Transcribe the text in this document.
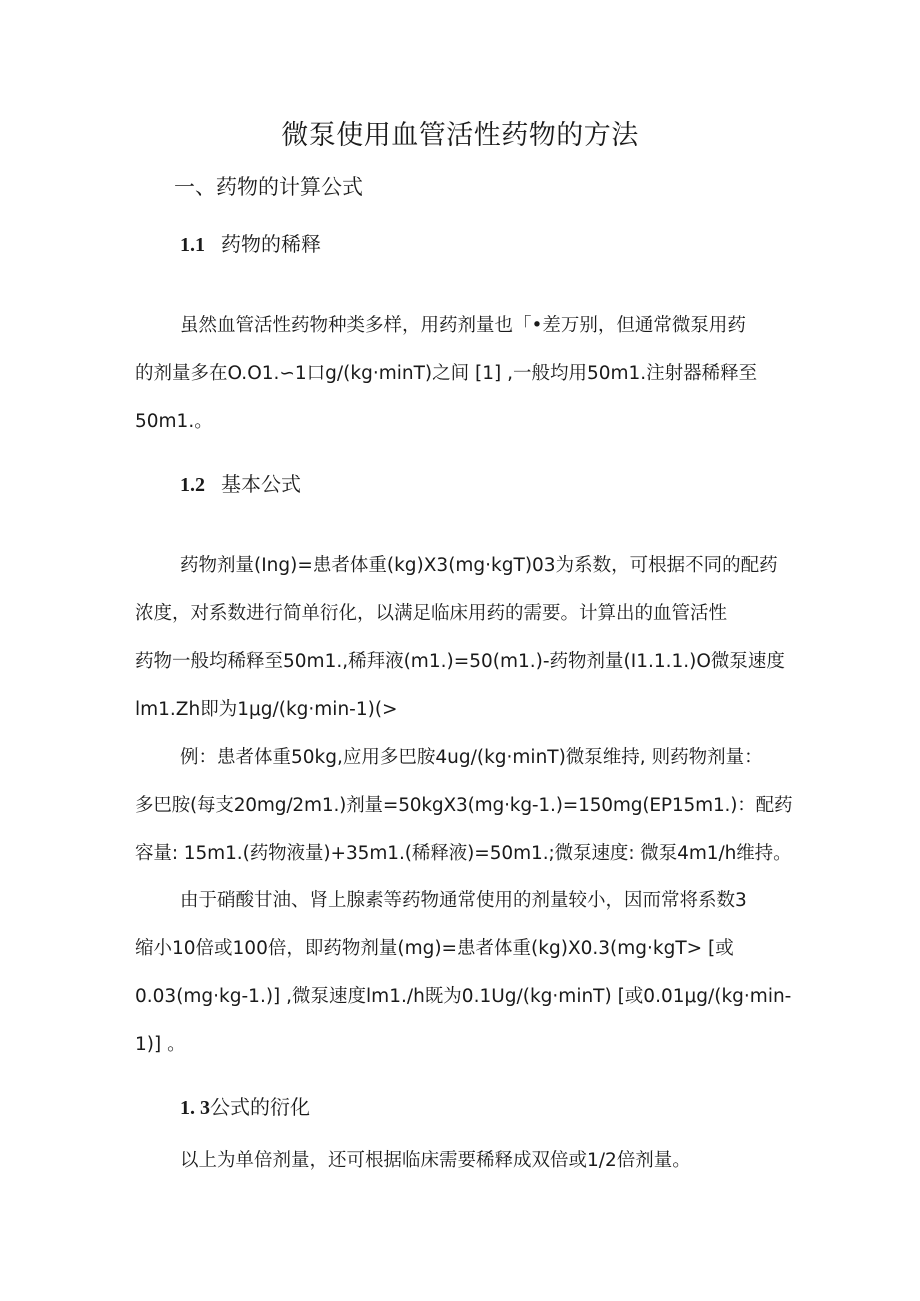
微泵使用血管活性药物的方法
一、药物的计算公式
1.1 药物的稀释
虽然血管活性药物种类多样，用药剂量也「•差万别，但通常微泵用药
的剂量多在O.O1.∽1口g/(kg·minT)之间 [1] ,一般均用50m1.注射器稀释至
50m1.。
1.2 基本公式
药物剂量(Ing)=患者体重(kg)X3(mg·kgT)03为系数，可根据不同的配药
浓度，对系数进行简单衍化，以满足临床用药的需要。计算出的血管活性
药物一般均稀释至50m1.,稀拜液(m1.)=50(m1.)-药物剂量(I1.1.1.)O微泵速度
lm1.Zh即为1μg/(kg·min-1)(>
例：患者体重50kg,应用多巴胺4ug/(kg·minT)微泵维持, 则药物剂量：
多巴胺(每支20mg/2m1.)剂量=50kgX3(mg·kg-1.)=150mg(EP15m1.)：配药
容量: 15m1.(药物液量)+35m1.(稀释液)=50m1.;微泵速度: 微泵4m1/h维持。
由于硝酸甘油、肾上腺素等药物通常使用的剂量较小，因而常将系数3
缩小10倍或100倍，即药物剂量(mg)=患者体重(kg)X0.3(mg·kgT> [或
0.03(mg·kg-1.)] ,微泵速度lm1./h既为0.1Ug/(kg·minT) [或0.01μg/(kg·min-
1)] 。
1. 3公式的衍化
以上为单倍剂量，还可根据临床需要稀释成双倍或1/2倍剂量。
